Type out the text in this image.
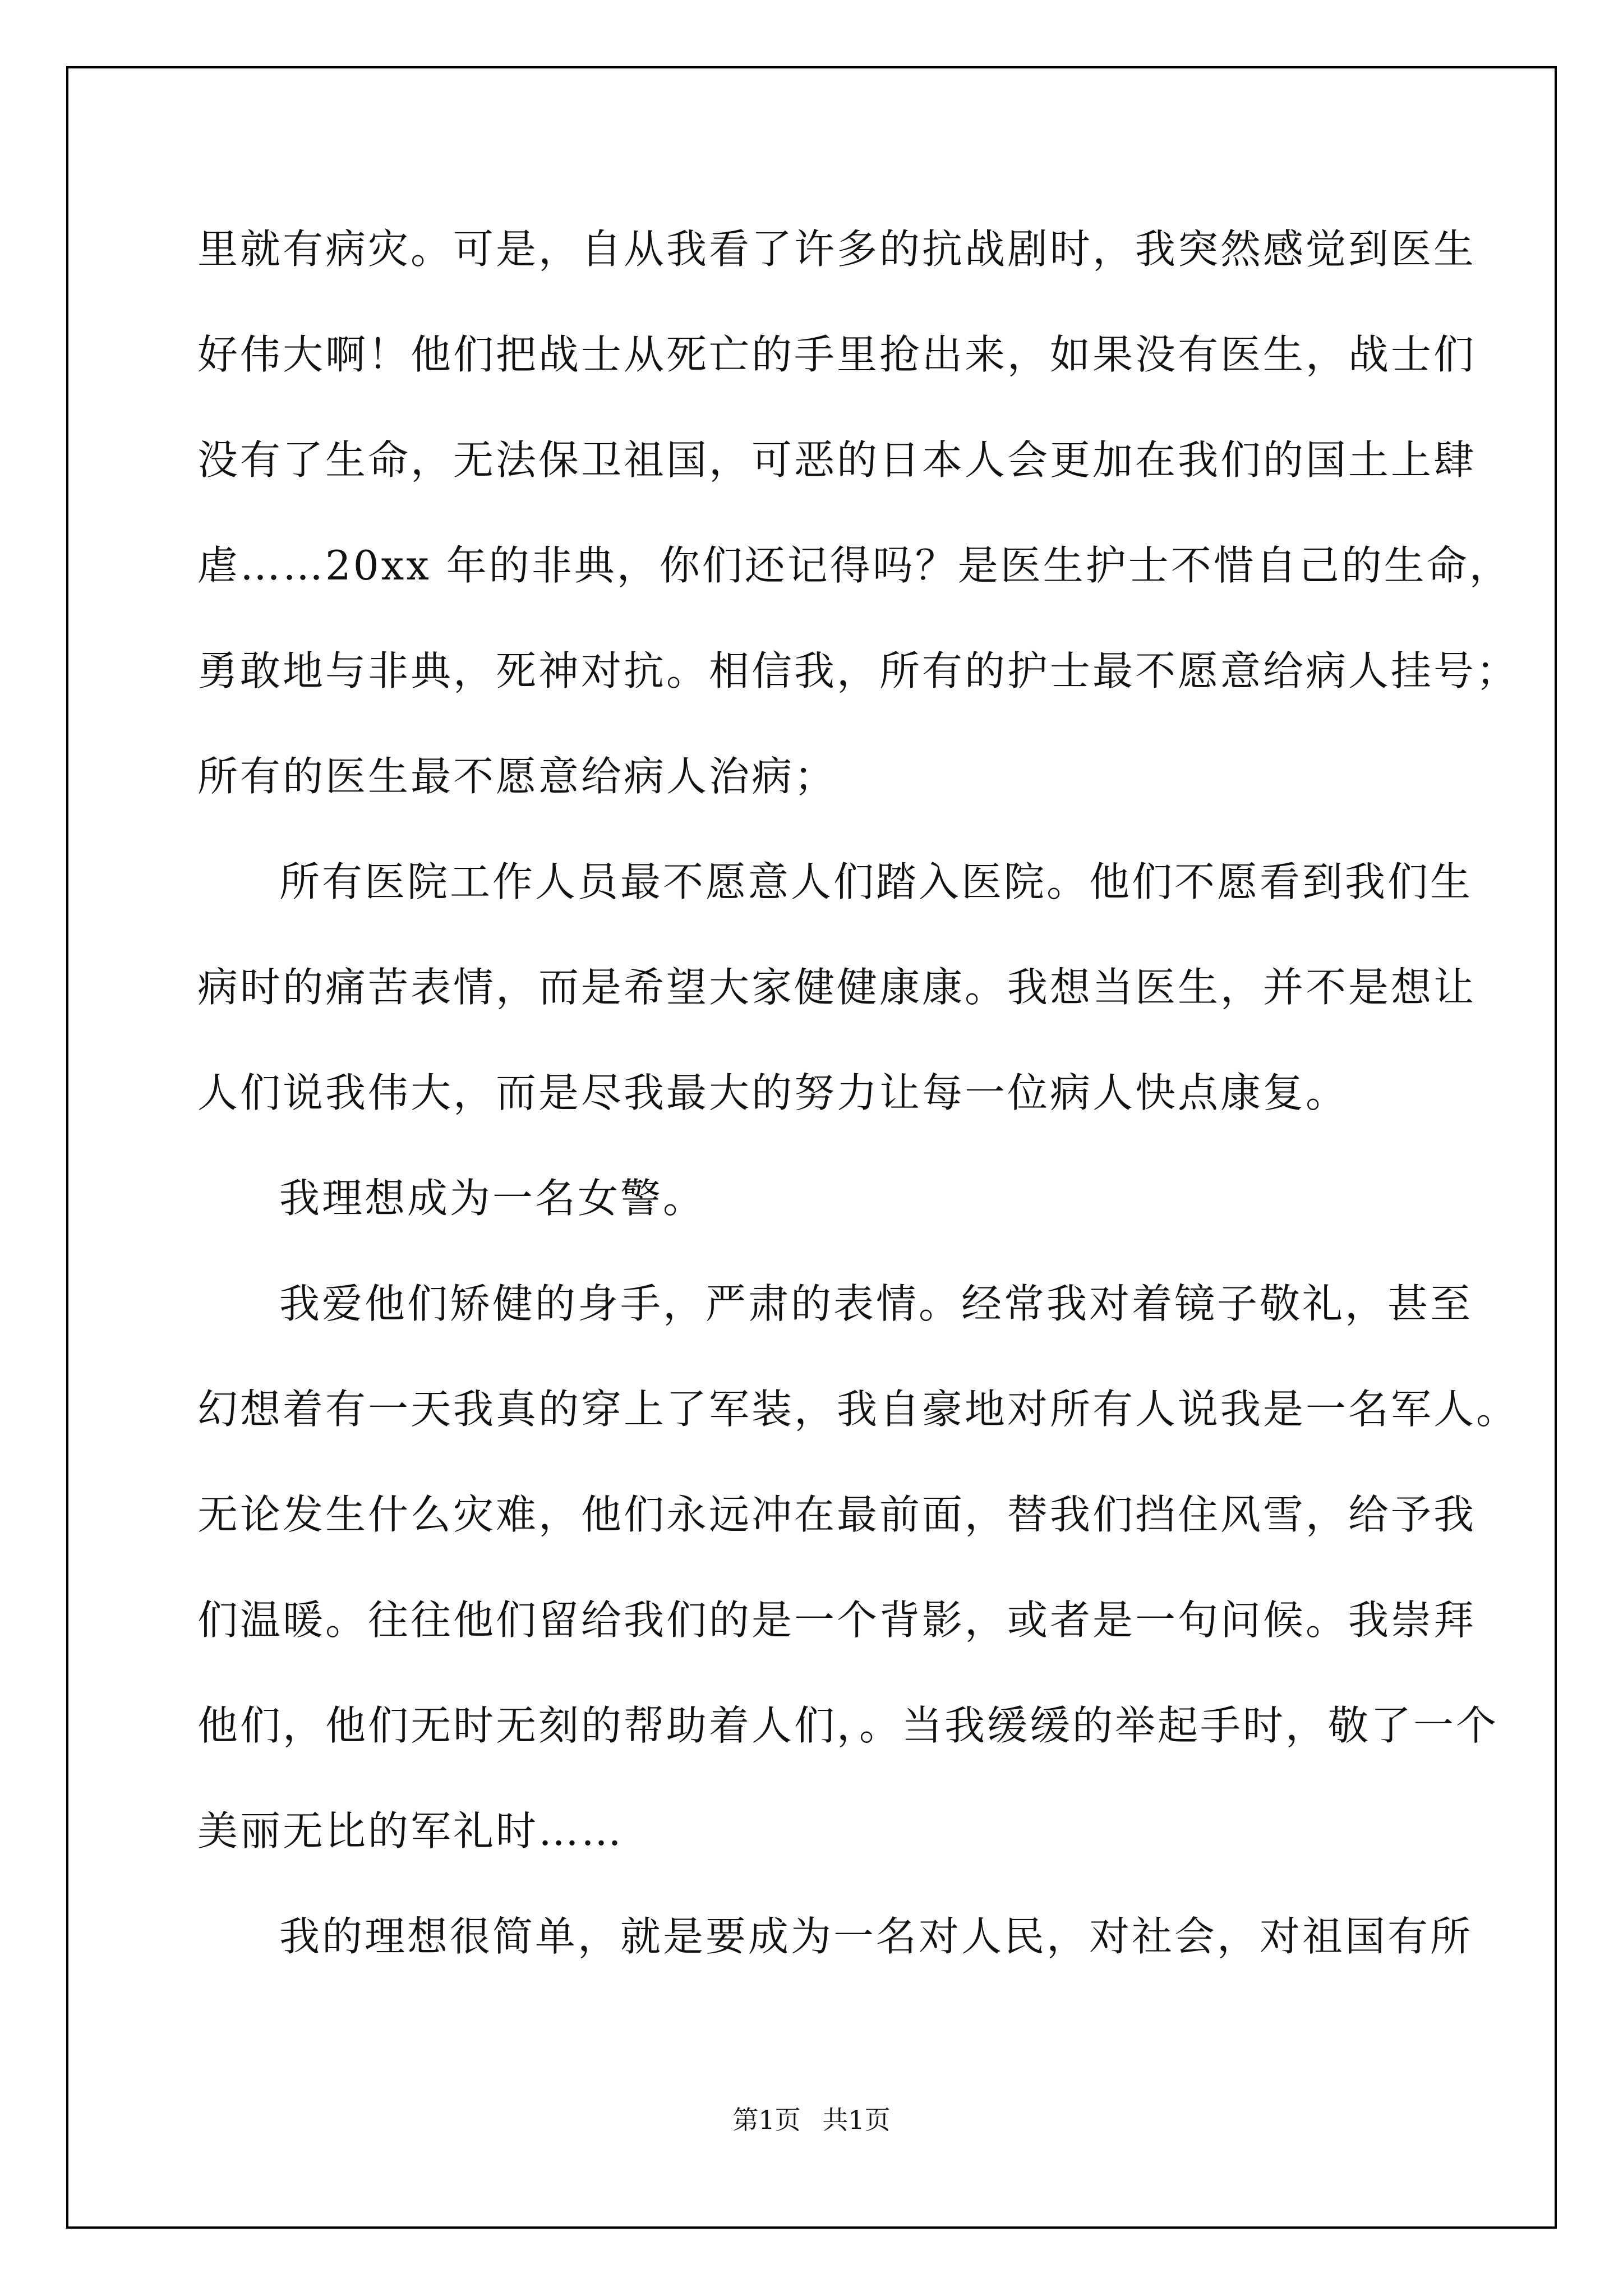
里就有病灾。可是，自从我看了许多的抗战剧时，我突然感觉到医生
好伟大啊！他们把战士从死亡的手里抢出来，如果没有医生，战士们
没有了生命，无法保卫祖国，可恶的日本人会更加在我们的国土上肆
虐……20xx 年的非典，你们还记得吗？是医生护士不惜自己的生命，
勇敢地与非典，死神对抗。相信我，所有的护士最不愿意给病人挂号；
所有的医生最不愿意给病人治病；
所有医院工作人员最不愿意人们踏入医院。他们不愿看到我们生
病时的痛苦表情，而是希望大家健健康康。我想当医生，并不是想让
人们说我伟大，而是尽我最大的努力让每一位病人快点康复。
我理想成为一名女警。
我爱他们矫健的身手，严肃的表情。经常我对着镜子敬礼，甚至
幻想着有一天我真的穿上了军装，我自豪地对所有人说我是一名军人。
无论发生什么灾难，他们永远冲在最前面，替我们挡住风雪，给予我
们温暖。往往他们留给我们的是一个背影，或者是一句问候。我崇拜
他们，他们无时无刻的帮助着人们，。当我缓缓的举起手时，敬了一个
美丽无比的军礼时……
我的理想很简单，就是要成为一名对人民，对社会，对祖国有所
第1页 共1页
